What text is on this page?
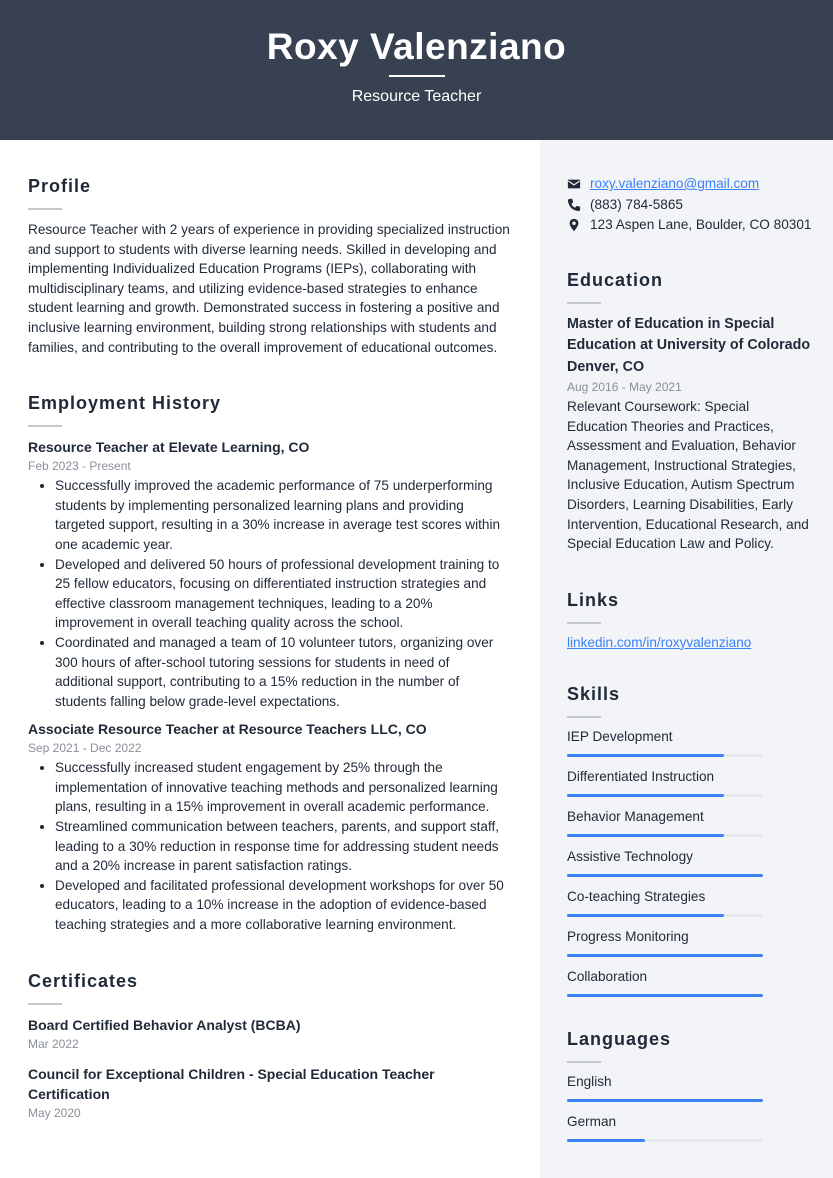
Roxy Valenziano
Resource Teacher
Profile

Resource Teacher with 2 years of experience in providing specialized instruction and support to students with diverse learning needs. Skilled in developing and implementing Individualized Education Programs (IEPs), collaborating with multidisciplinary teams, and utilizing evidence-based strategies to enhance student learning and growth. Demonstrated success in fostering a positive and inclusive learning environment, building strong relationships with students and families, and contributing to the overall improvement of educational outcomes.

Employment History
Resource Teacher at Elevate Learning, CO
Feb 2023 - Present
• Successfully improved the academic performance of 75 underperforming students by implementing personalized learning plans and providing targeted support, resulting in a 30% increase in average test scores within one academic year.
• Developed and delivered 50 hours of professional development training to 25 fellow educators, focusing on differentiated instruction strategies and effective classroom management techniques, leading to a 20% improvement in overall teaching quality across the school.
• Coordinated and managed a team of 10 volunteer tutors, organizing over 300 hours of after-school tutoring sessions for students in need of additional support, contributing to a 15% reduction in the number of students falling below grade-level expectations.
Associate Resource Teacher at Resource Teachers LLC, CO
Sep 2021 - Dec 2022
• Successfully increased student engagement by 25% through the implementation of innovative teaching methods and personalized learning plans, resulting in a 15% improvement in overall academic performance.
• Streamlined communication between teachers, parents, and support staff, leading to a 30% reduction in response time for addressing student needs and a 20% increase in parent satisfaction ratings.
• Developed and facilitated professional development workshops for over 50 educators, leading to a 10% increase in the adoption of evidence-based teaching strategies and a more collaborative learning environment.
Certificates
Board Certified Behavior Analyst (BCBA)
Mar 2022
Council for Exceptional Children - Special Education Teacher Certification
May 2020
roxy.valenziano@gmail.com
(883) 784-5865
123 Aspen Lane, Boulder, CO 80301
Education
Master of Education in Special Education at University of Colorado Denver, CO
Aug 2016 - May 2021

Relevant Coursework: Special Education Theories and Practices, Assessment and Evaluation, Behavior Management, Instructional Strategies, Inclusive Education, Autism Spectrum Disorders, Learning Disabilities, Early Intervention, Educational Research, and Special Education Law and Policy.

Links
linkedin.com/in/roxyvalenziano
Skills
IEP Development
Differentiated Instruction
Behavior Management
Assistive Technology
Co-teaching Strategies
Progress Monitoring
Collaboration
Languages
English
German
